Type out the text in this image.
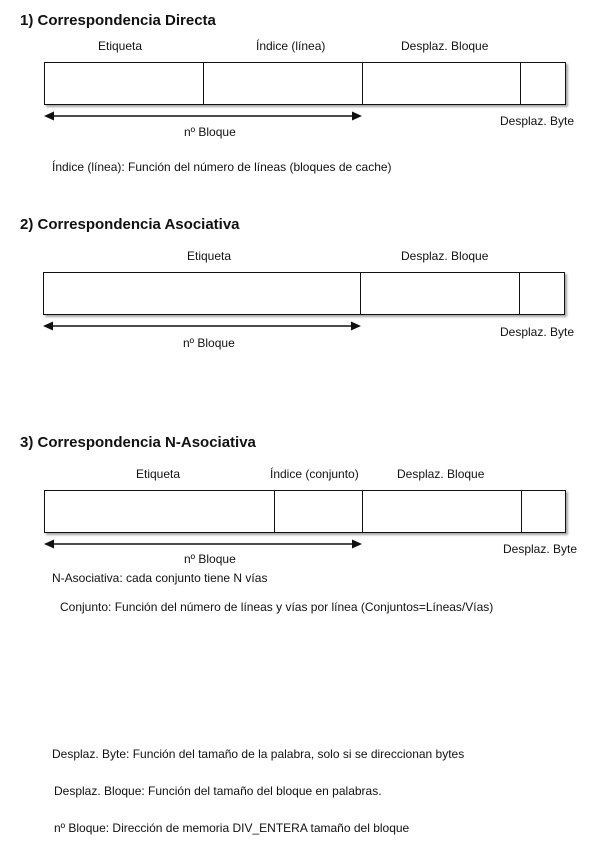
1) Correspondencia Directa
Etiqueta	Índice (línea)	Desplaz. Bloque
nº Bloque
Desplaz. Byte
Índice (línea): Función del número de líneas (bloques de cache)
2) Correspondencia Asociativa
Etiqueta	Desplaz. Bloque
nº Bloque
Desplaz. Byte
3) Correspondencia N-Asociativa
Etiqueta	Índice (conjunto)	Desplaz. Bloque
nº Bloque
Desplaz. Byte
N-Asociativa: cada conjunto tiene N vías
Conjunto: Función del número de líneas y vías por línea (Conjuntos=Líneas/Vías)
Desplaz. Byte: Función del tamaño de la palabra, solo si se direccionan bytes
Desplaz. Bloque: Función del tamaño del bloque en palabras.
nº Bloque: Dirección de memoria DIV_ENTERA tamaño del bloque
